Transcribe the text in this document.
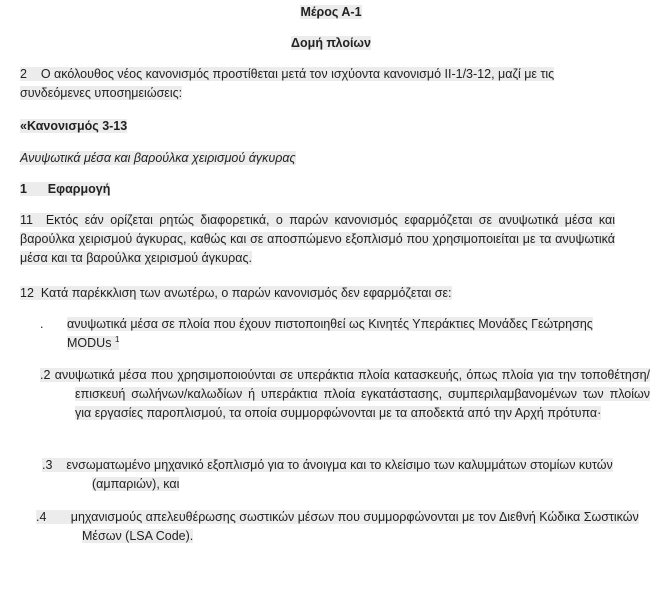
Μέρος Α-1
Δομή πλοίων
2 Ο ακόλουθος νέος κανονισμός προστίθεται μετά τον ισχύοντα κανονισμό II-1/3-12, μαζί με τις συνδεόμενες υποσημειώσεις:
«Κανονισμός 3-13
Ανυψωτικά μέσα και βαρούλκα χειρισμού άγκυρας
1 Εφαρμογή
11 Εκτός εάν ορίζεται ρητώς διαφορετικά, ο παρών κανονισμός εφαρμόζεται σε ανυψωτικά μέσα και βαρούλκα χειρισμού άγκυρας, καθώς και σε αποσπώμενο εξοπλισμό που χρησιμοποιείται με τα ανυψωτικά μέσα και τα βαρούλκα χειρισμού άγκυρας.
12 Κατά παρέκκλιση των ανωτέρω, ο παρών κανονισμός δεν εφαρμόζεται σε:
.	ανυψωτικά μέσα σε πλοία που έχουν πιστοποιηθεί ως Κινητές Υπεράκτιες Μονάδες Γεώτρησης MODUs $^1$
.2 ανυψωτικά μέσα που χρησιμοποιούνται σε υπεράκτια πλοία κατασκευής, όπως πλοία για την τοποθέτηση/επισκευή σωλήνων/καλωδίων ή υπεράκτια πλοία εγκατάστασης, συμπεριλαμβανομένων των πλοίων για εργασίες παροπλισμού, τα οποία συμμορφώνονται με τα αποδεκτά από την Αρχή πρότυπα·
.3 ενσωματωμένο μηχανικό εξοπλισμό για το άνοιγμα και το κλείσιμο των καλυμμάτων στομίων κυτών (αμπαριών), και
.4 μηχανισμούς απελευθέρωσης σωστικών μέσων που συμμορφώνονται με τον Διεθνή Κώδικα Σωστικών Μέσων (LSA Code).
